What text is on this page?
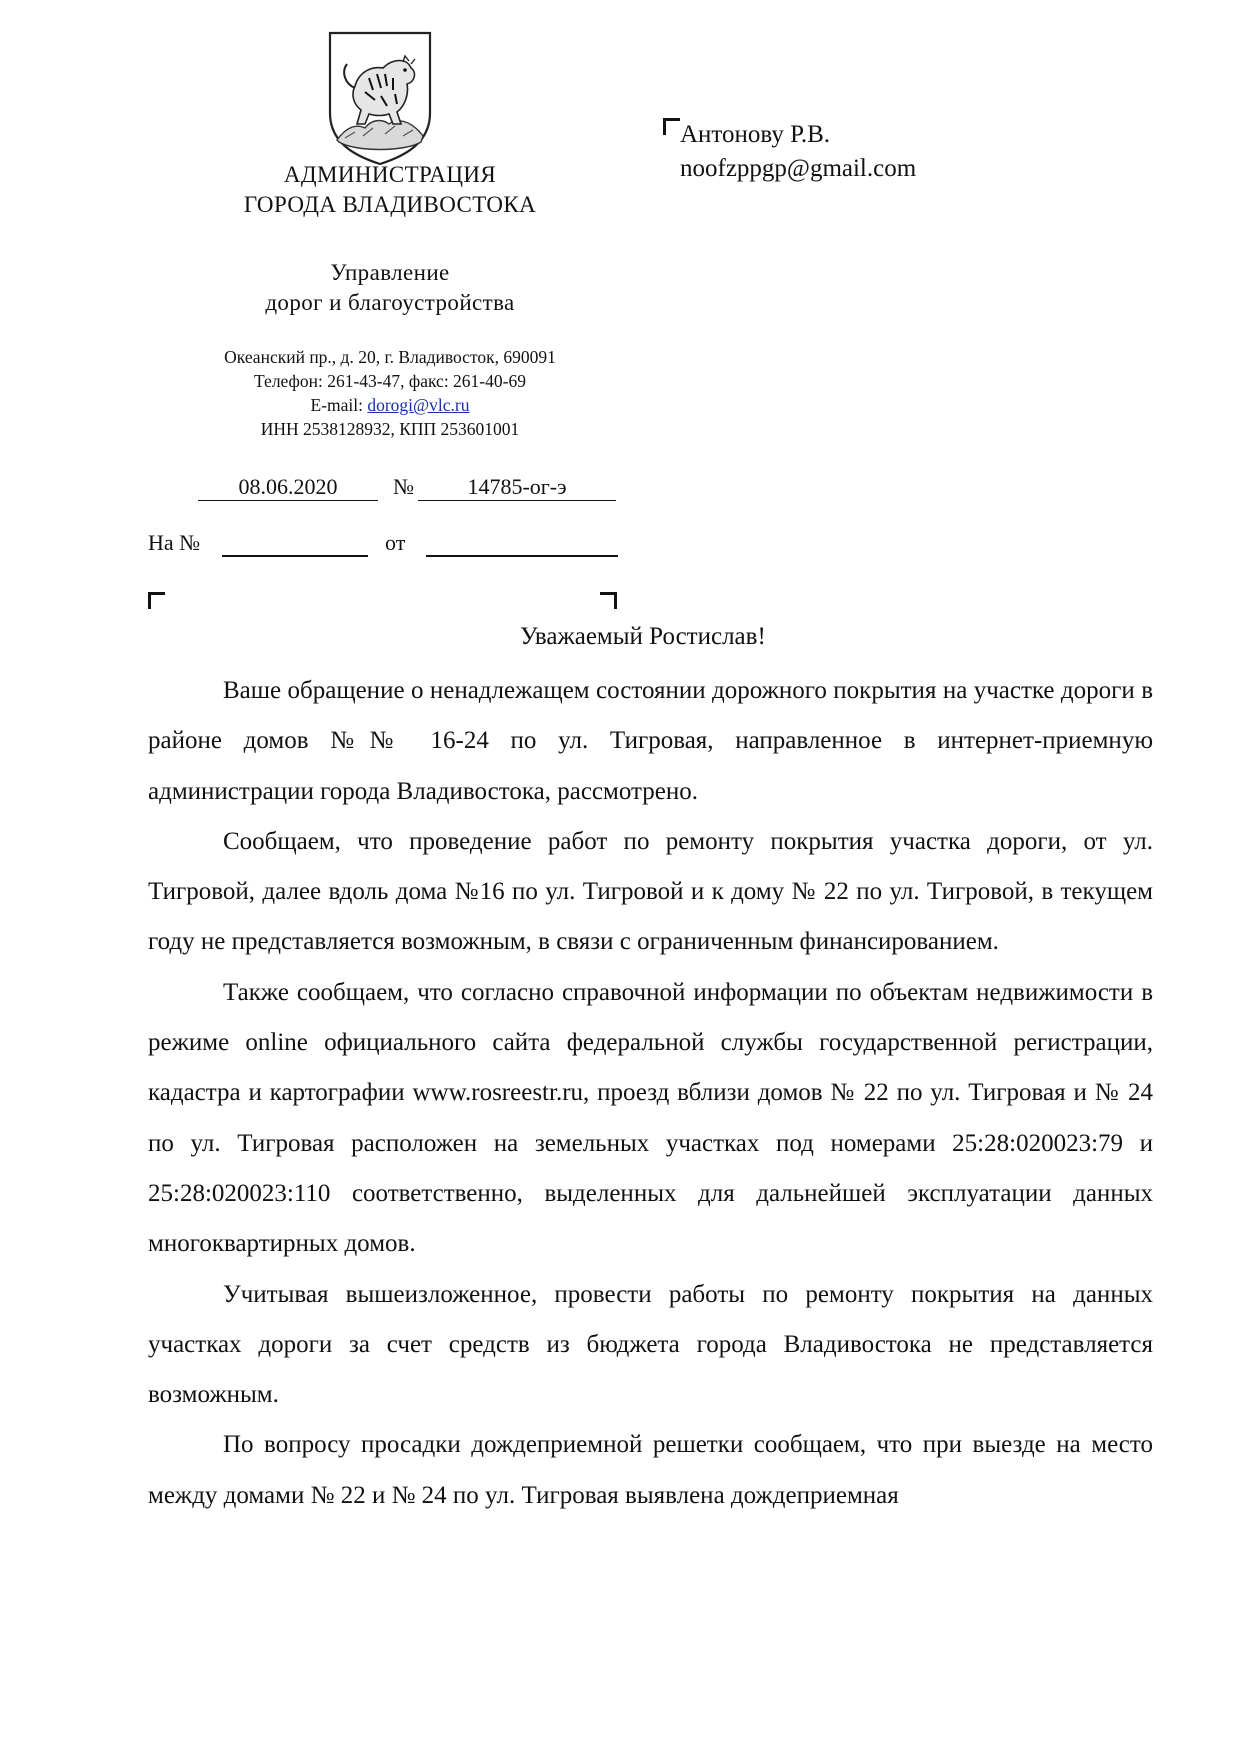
АДМИНИСТРАЦИЯ
ГОРОДА ВЛАДИВОСТОКА
Управление
дорог и благоустройства
Океанский пр., д. 20, г. Владивосток, 690091
Телефон: 261-43-47, факс: 261-40-69
E-mail: dorogi@vlc.ru
ИНН 2538128932, КПП 253601001
Антонову Р.В.
noofzppgp@gmail.com
08.06.2020	№	14785-ог-э
На №	от
Уважаемый Ростислав!

Ваше обращение о ненадлежащем состоянии дорожного покрытия на участке дороги в районе домов №№ 16-24 по ул. Тигровая, направленное в интернет-приемную администрации города Владивостока, рассмотрено.

Сообщаем, что проведение работ по ремонту покрытия участка дороги, от ул. Тигровой, далее вдоль дома №16 по ул. Тигровой и к дому № 22 по ул. Тигровой, в текущем году не представляется возможным, в связи с ограниченным финансированием.

Также сообщаем, что согласно справочной информации по объектам недвижимости в режиме online официального сайта федеральной службы государственной регистрации, кадастра и картографии www.rosreestr.ru, проезд вблизи домов № 22 по ул. Тигровая и № 24 по ул. Тигровая расположен на земельных участках под номерами 25:28:020023:79 и 25:28:020023:110 соответственно, выделенных для дальнейшей эксплуатации данных многоквартирных домов.

Учитывая вышеизложенное, провести работы по ремонту покрытия на данных участках дороги за счет средств из бюджета города Владивостока не представляется возможным.

По вопросу просадки дождеприемной решетки сообщаем, что при выезде на место между домами № 22 и № 24 по ул. Тигровая выявлена дождеприемная
